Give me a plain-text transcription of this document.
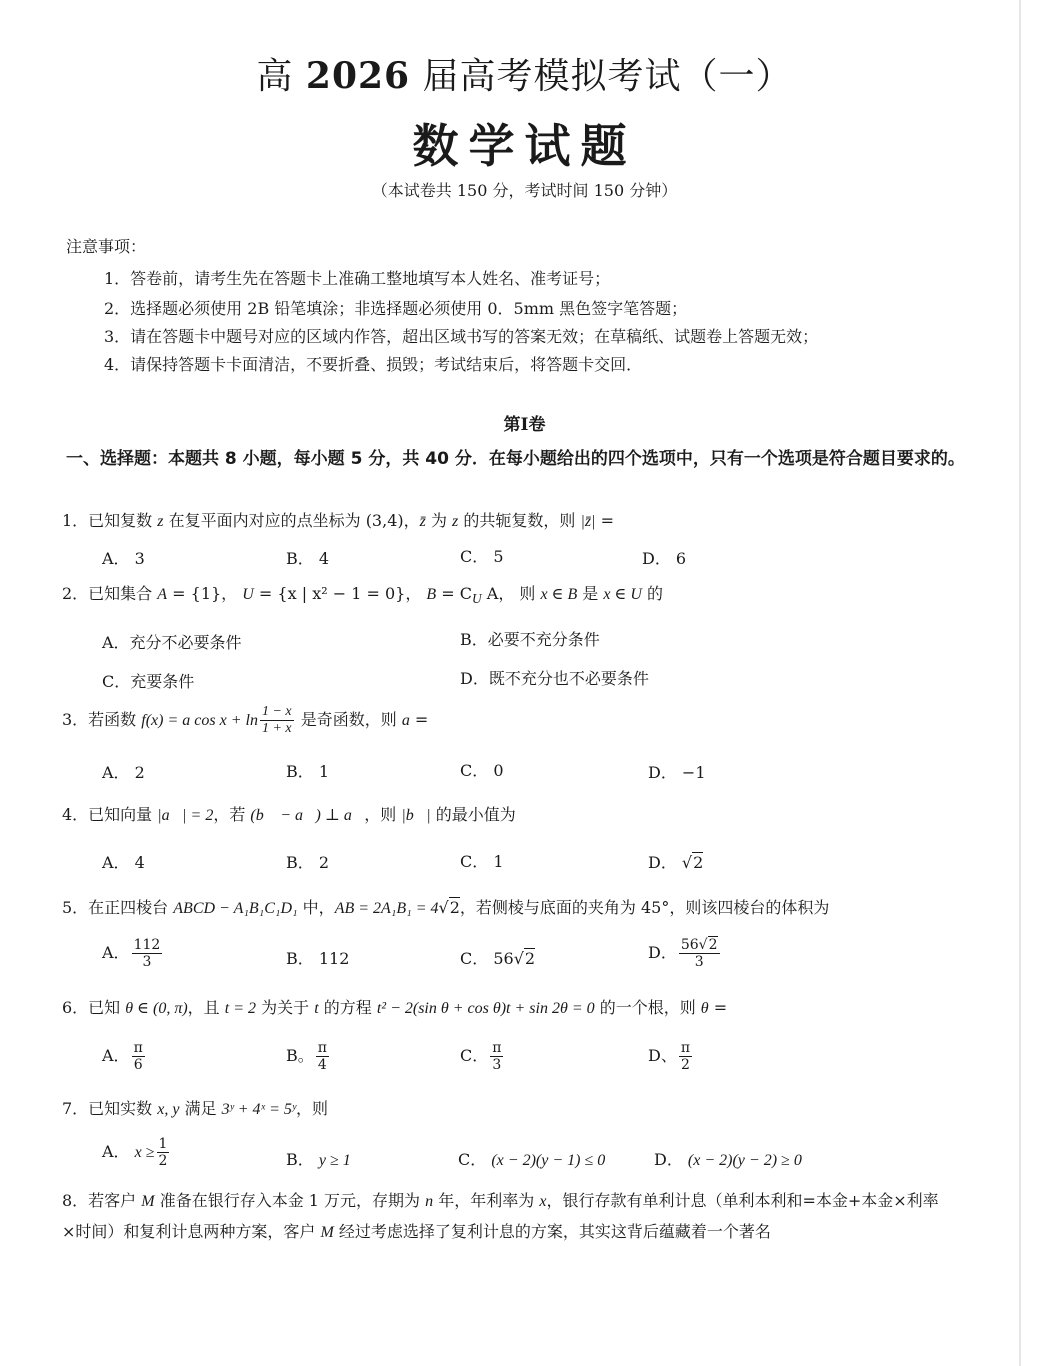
高 2026 届高考模拟考试（一）
数学试题
（本试卷共 150 分，考试时间 150 分钟）
注意事项：
1．答卷前，请考生先在答题卡上准确工整地填写本人姓名、准考证号；
2．选择题必须使用 2B 铅笔填涂；非选择题必须使用 0．5mm 黑色签字笔答题；
3．请在答题卡中题号对应的区域内作答，超出区域书写的答案无效；在草稿纸、试题卷上答题无效；
4．请保持答题卡卡面清洁，不要折叠、损毁；考试结束后，将答题卡交回．
第Ⅰ卷
一、选择题：本题共 8 小题，每小题 5 分，共 40 分．在每小题给出的四个选项中，只有一个选项是符合题目要求的。
1．已知复数 z 在复平面内对应的点坐标为 (3,4)，z̄ 为 z 的共轭复数，则 |z̄| =
A． 3	B． 4	C． 5	D． 6
2．已知集合 A = {1}， U = {x | x² − 1 = 0}， $B = C_U$ A， 则 x ∈ B 是 x ∈ U 的
A．充分不必要条件	B．必要不充分条件
C．充要条件	D．既不充分也不必要条件
3．若函数 f(x) = a $\cos x + \ln \frac{1 - x}{1 + x}$ 是奇函数，则 a =
A． 2	B． 1	C． 0	D． −1
4．已知向量 |a⃗| = 2，若 (b⃗ − a⃗) ⊥ a⃗，则 |b⃗| 的最小值为
A． 4	B． 2	C． 1	D． √2
5．在正四棱台 ABCD − A₁B₁C₁D₁ 中，AB = 2A₁B₁ = 4√2，若侧棱与底面的夹角为 45°，则该四棱台的体积为
A． $\frac{112}{3}$	B． 112	C． 56√2	D． $\frac{56√2}{3}$
6．已知 θ ∈ (0, π)，且 t = 2 为关于 t 的方程 t² − 2(sin θ + cos θ)t + sin 2θ = 0 的一个根，则 θ =
A． $\frac{\pi}{6}$	B。 $\frac{\pi}{4}$	C． $\frac{\pi}{3}$	D、 $\frac{\pi}{2}$
7．已知实数 x, y 满足 3ʸ + 4ˣ = 5ʸ，则
A． $x \ge \frac{1}{2}$	B． y ≥ 1	C． (x − 2)(y − 1) ≤ 0	D． (x − 2)(y − 2) ≥ 0
8．若客户 M 准备在银行存入本金 1 万元，存期为 n 年，年利率为 x，银行存款有单利计息（单利本利和=本金+本金×利率×时间）和复利计息两种方案，客户 M 经过考虑选择了复利计息的方案，其实这背后蕴藏着一个著名
